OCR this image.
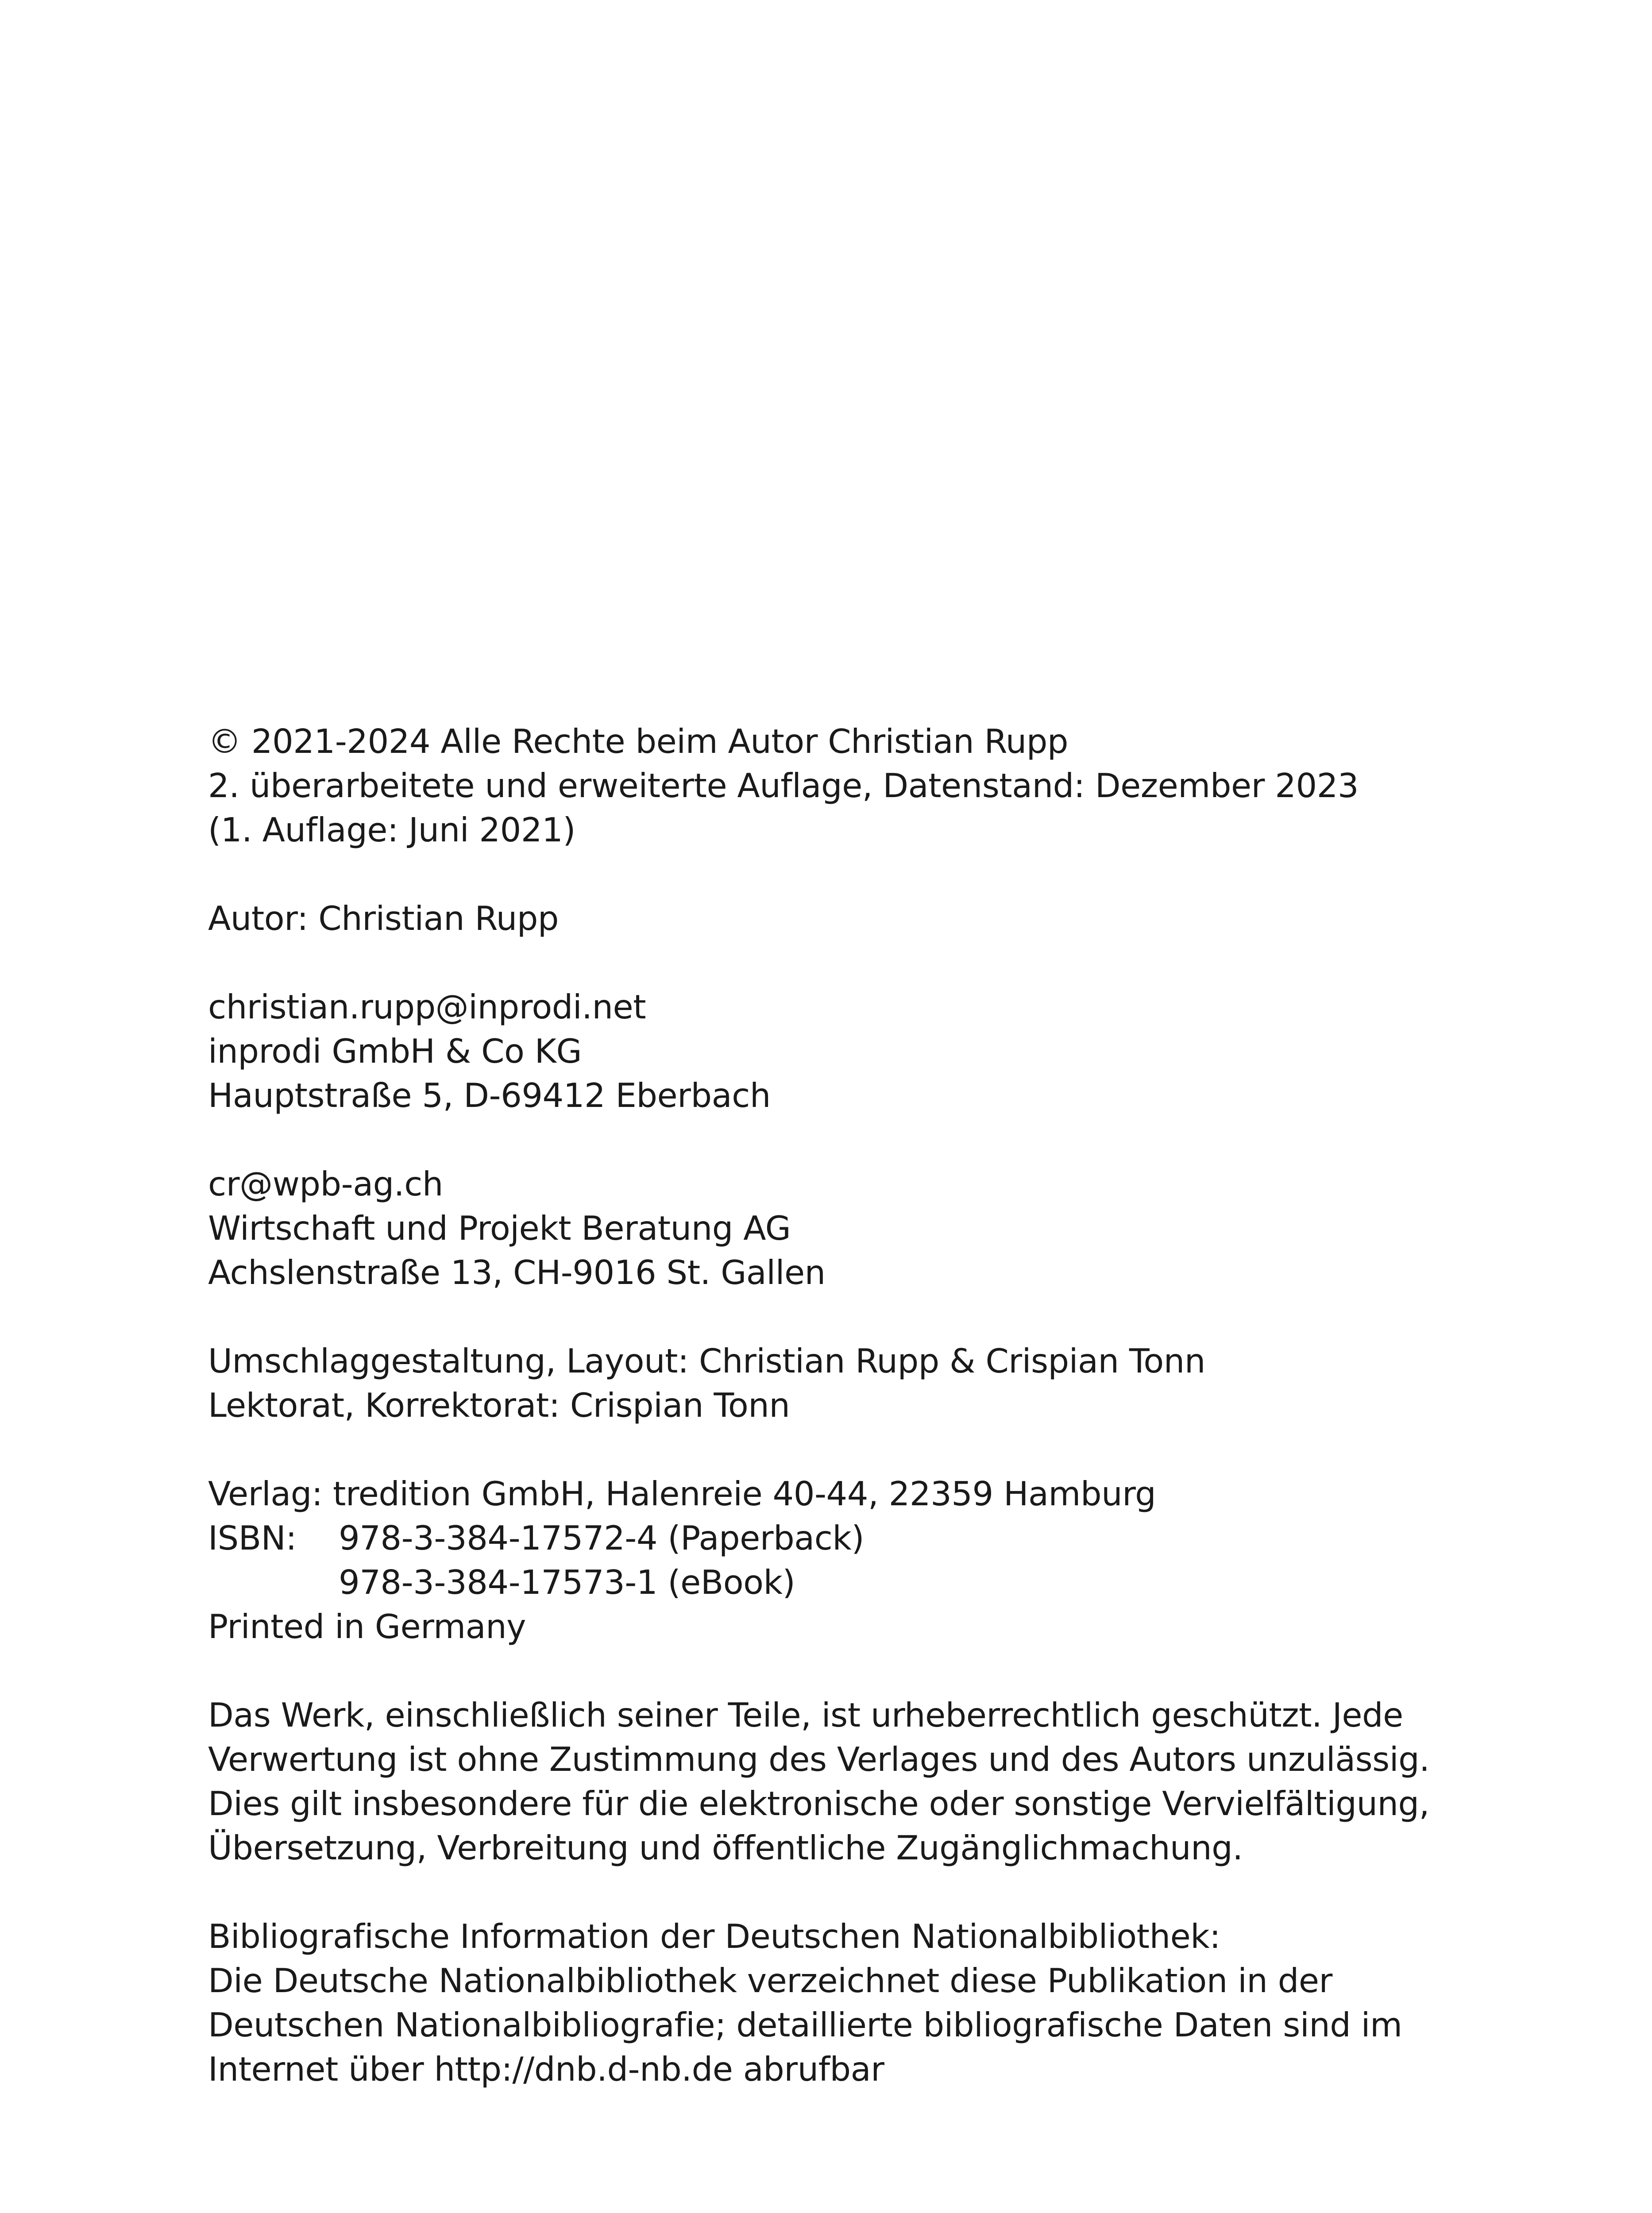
© 2021-2024 Alle Rechte beim Autor Christian Rupp
2. überarbeitete und erweiterte Auflage, Datenstand: Dezember 2023
(1. Auflage: Juni 2021)
Autor: Christian Rupp
christian.rupp@inprodi.net
inprodi GmbH & Co KG
Hauptstraße 5, D-69412 Eberbach
cr@wpb-ag.ch
Wirtschaft und Projekt Beratung AG
Achslenstraße 13, CH-9016 St. Gallen
Umschlaggestaltung, Layout: Christian Rupp & Crispian Tonn
Lektorat, Korrektorat: Crispian Tonn
Verlag: tredition GmbH, Halenreie 40-44, 22359 Hamburg
ISBN:	978-3-384-17572-4 (Paperback)
978-3-384-17573-1 (eBook)
Printed in Germany
Das Werk, einschließlich seiner Teile, ist urheberrechtlich geschützt. Jede
Verwertung ist ohne Zustimmung des Verlages und des Autors unzulässig.
Dies gilt insbesondere für die elektronische oder sonstige Vervielfältigung,
Übersetzung, Verbreitung und öffentliche Zugänglichmachung.
Bibliografische Information der Deutschen Nationalbibliothek:
Die Deutsche Nationalbibliothek verzeichnet diese Publikation in der
Deutschen Nationalbibliografie; detaillierte bibliografische Daten sind im
Internet über http://dnb.d-nb.de abrufbar
